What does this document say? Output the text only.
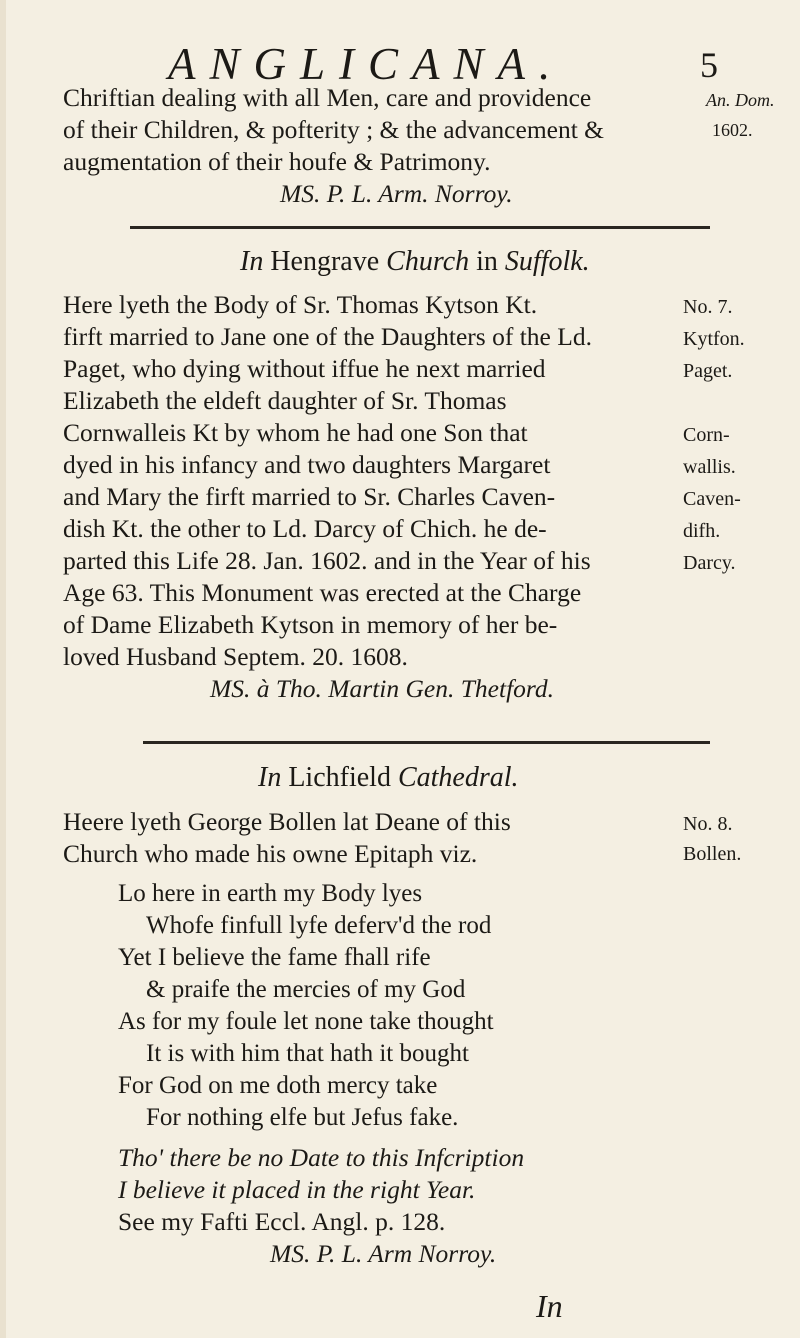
ANGLICANA.	5
Chriftian dealing with all Men, care and providence
of their Children, & pofterity ; & the advancement &
augmentation of their houfe & Patrimony.
MS. P. L. Arm. Norroy.
An. Dom.
1602.
In Hengrave Church in Suffolk.
Here lyeth the Body of Sr. Thomas Kytson Kt.
firft married to Jane one of the Daughters of the Ld.
Paget, who dying without iffue he next married
Elizabeth the eldeft daughter of Sr. Thomas
Cornwalleis Kt by whom he had one Son that
dyed in his infancy and two daughters Margaret
and Mary the firft married to Sr. Charles Caven-
dish Kt. the other to Ld. Darcy of Chich. he de-
parted this Life 28. Jan. 1602. and in the Year of his
Age 63. This Monument was erected at the Charge
of Dame Elizabeth Kytson in memory of her be-
loved Husband Septem. 20. 1608.
MS. à Tho. Martin Gen. Thetford.
No. 7.
Kytfon.
Paget.
Corn-
wallis.
Caven-
difh.
Darcy.
In Lichfield Cathedral.
Heere lyeth George Bollen lat Deane of this
Church who made his owne Epitaph viz.
No. 8.
Bollen.
Lo here in earth my Body lyes
Whofe finfull lyfe deferv'd the rod
Yet I believe the fame fhall rife
& praife the mercies of my God
As for my foule let none take thought
It is with him that hath it bought
For God on me doth mercy take
For nothing elfe but Jefus fake.
Tho' there be no Date to this Infcription
I believe it placed in the right Year.
See my Fafti Eccl. Angl. p. 128.
MS. P. L. Arm Norroy.
In
